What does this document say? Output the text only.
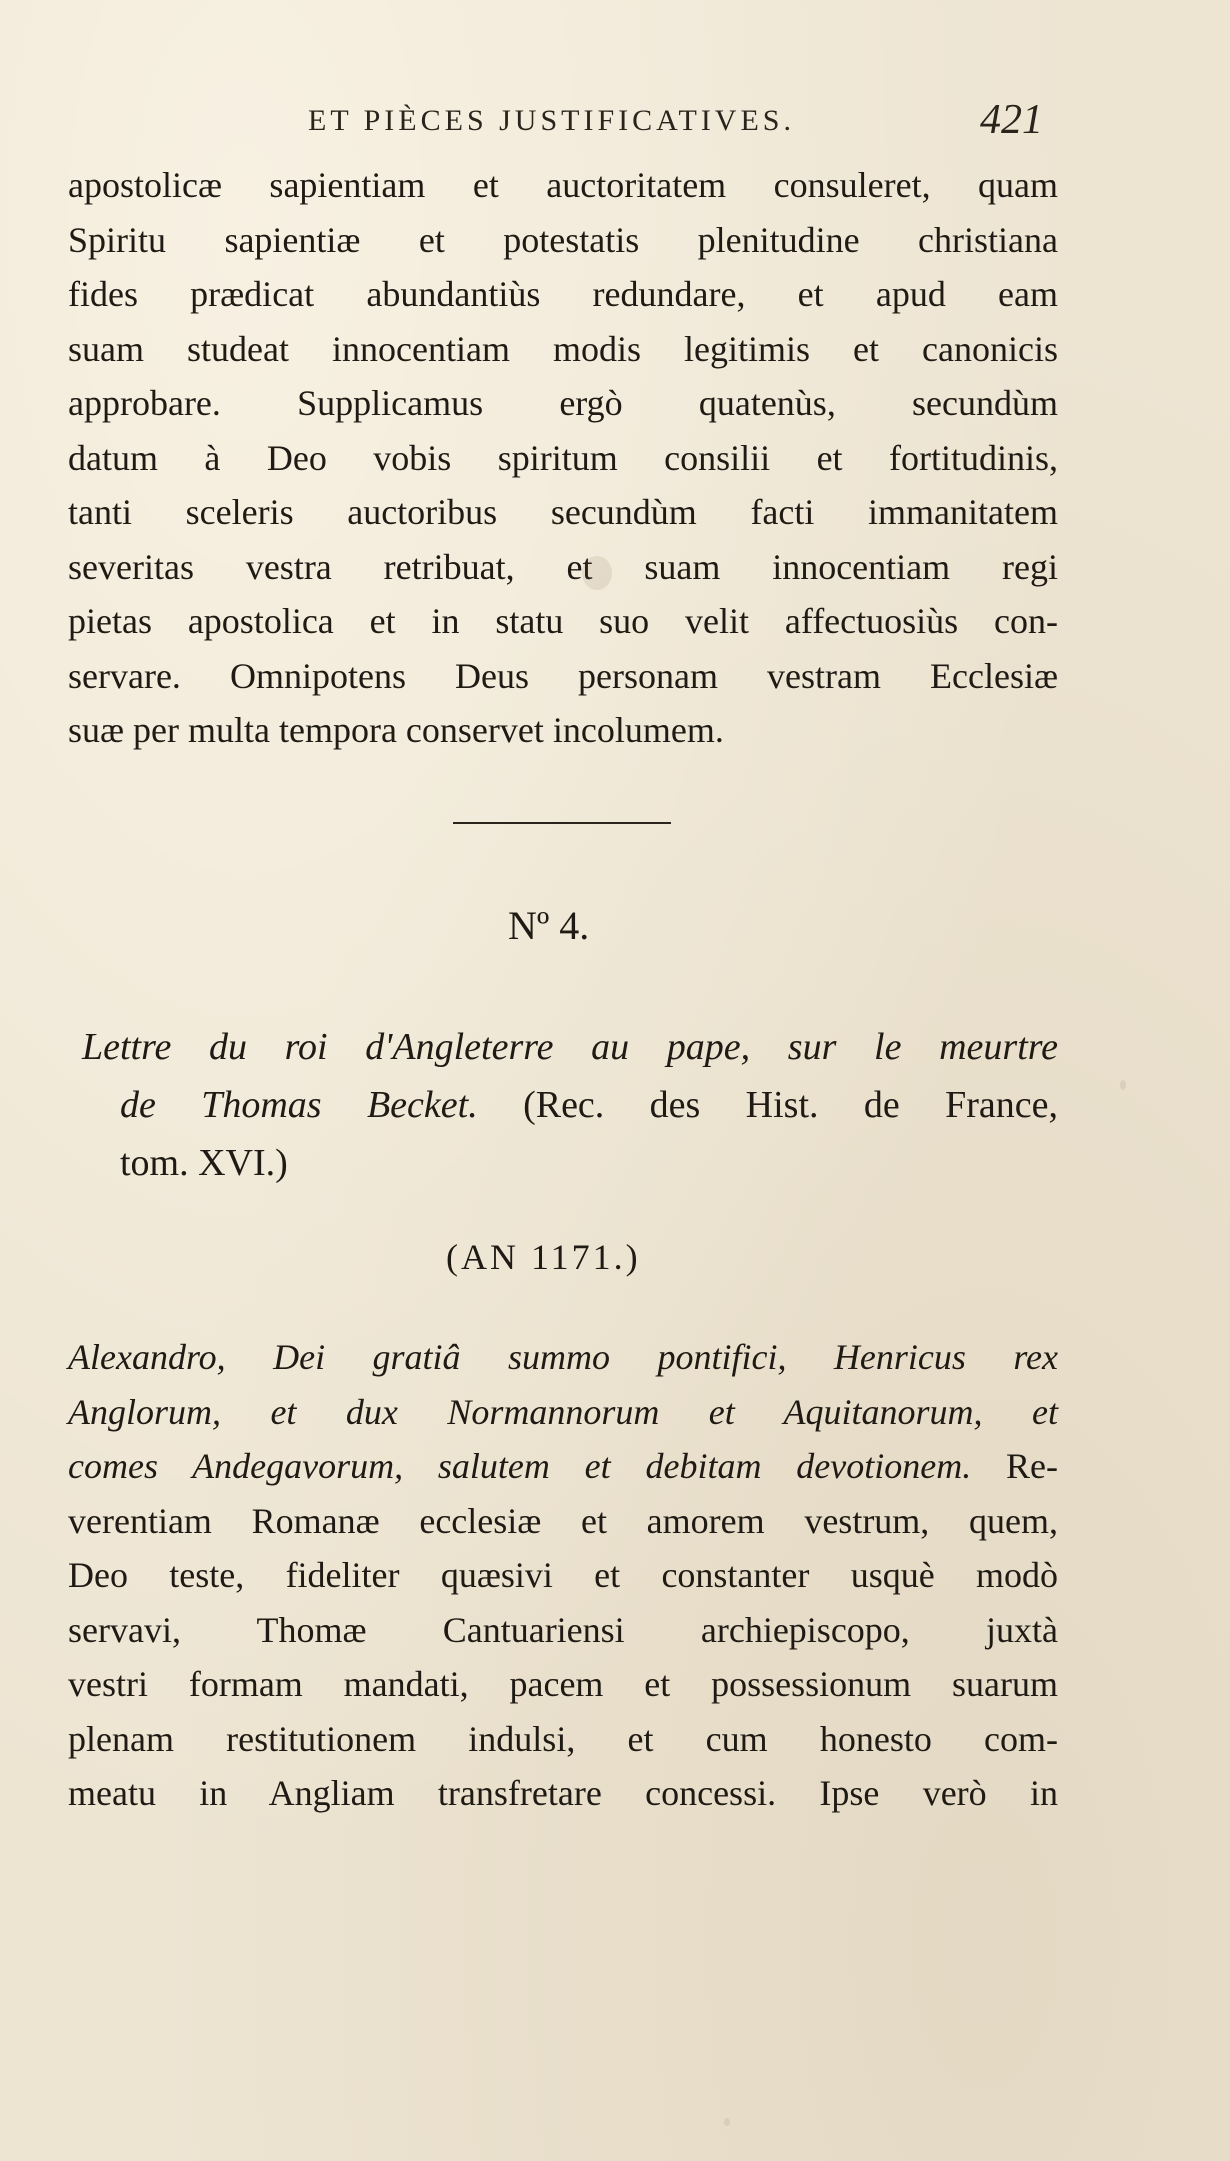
ET PIÈCES JUSTIFICATIVES.	421
apostolicæ sapientiam et auctoritatem consuleret, quam
Spiritu sapientiæ et potestatis plenitudine christiana
fides prædicat abundantiùs redundare, et apud eam
suam studeat innocentiam modis legitimis et canonicis
approbare. Supplicamus ergò quatenùs, secundùm
datum à Deo vobis spiritum consilii et fortitudinis,
tanti sceleris auctoribus secundùm facti immanitatem
severitas vestra retribuat, et suam innocentiam regi
pietas apostolica et in statu suo velit affectuosiùs con-
servare. Omnipotens Deus personam vestram Ecclesiæ
suæ per multa tempora conservet incolumem.
Nº 4.
Lettre du roi d'Angleterre au pape, sur le meurtre
de Thomas Becket. (Rec. des Hist. de France,
tom. XVI.)
(AN 1171.)
Alexandro, Dei gratiâ summo pontifici, Henricus rex
Anglorum, et dux Normannorum et Aquitanorum, et
comes Andegavorum, salutem et debitam devotionem. Re-
verentiam Romanæ ecclesiæ et amorem vestrum, quem,
Deo teste, fideliter quæsivi et constanter usquè modò
servavi, Thomæ Cantuariensi archiepiscopo, juxtà
vestri formam mandati, pacem et possessionum suarum
plenam restitutionem indulsi, et cum honesto com-
meatu in Angliam transfretare concessi. Ipse verò in
